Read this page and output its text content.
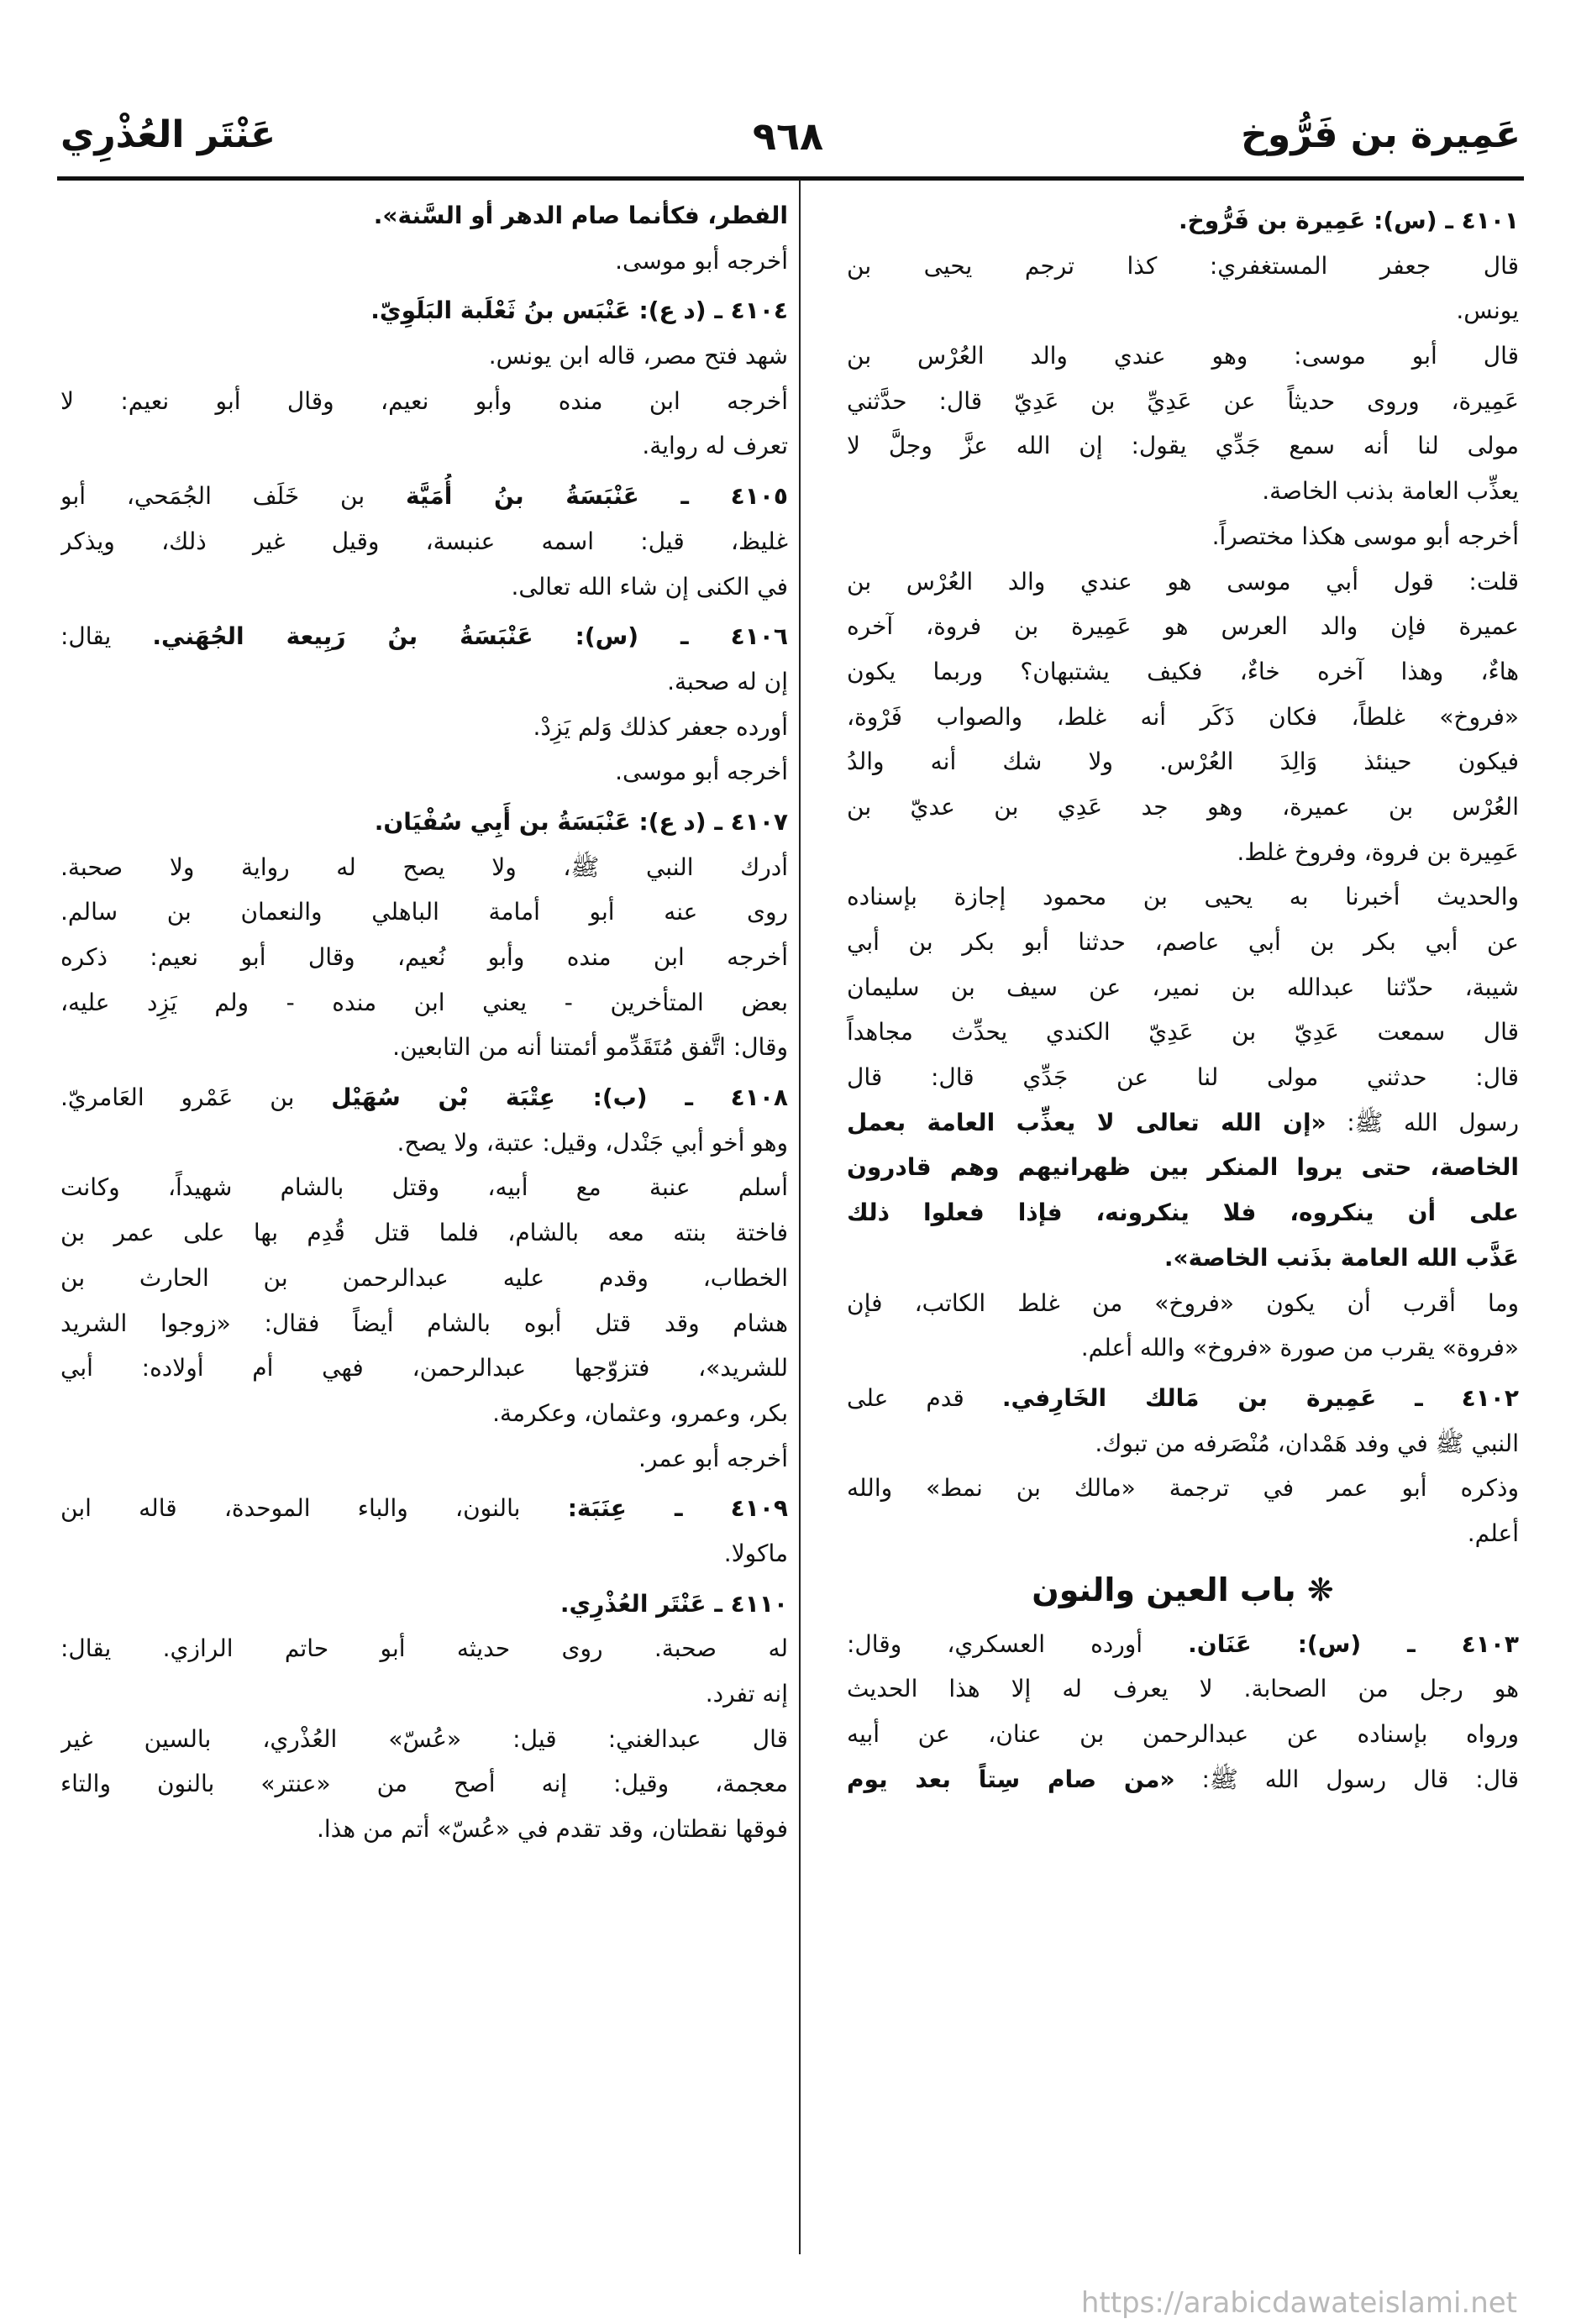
عَمِيرة بن فَرُّوخ
٩٦٨
عَنْتَر العُذْرِي
٤١٠١ ـ (س): عَمِيرة بن فَرُّوخ.
قال جعفر المستغفري: كذا ترجم يحيى بن
يونس.
قال أبو موسى: وهو عندي والد العُرْس بن
عَمِيرة، وروى حديثاً عن عَدِيِّ بن عَدِيّ قال: حدَّثني
مولى لنا أنه سمع جَدِّي يقول: إن الله عزَّ وجلَّ لا
يعذِّب العامة بذنب الخاصة.
أخرجه أبو موسى هكذا مختصراً.
قلت: قول أبي موسى هو عندي والد العُرْس بن
عميرة فإن والد العرس هو عَمِيرة بن فروة، آخره
هاءٌ، وهذا آخره خاءٌ، فكيف يشتبهان؟ وربما يكون
«فروخ» غلطاً، فكان ذَكَر أنه غلط، والصواب فَرْوة،
فيكون حينئذ وَالِدَ العُرْس. ولا شك أنه والدُ
العُرْس بن عميرة، وهو جد عَدِي بن عديّ بن
عَمِيرة بن فروة، وفروخ غلط.
والحديث أخبرنا به يحيى بن محمود إجازة بإسناده
عن أبي بكر بن أبي عاصم، حدثنا أبو بكر بن أبي
شيبة، حدّثنا عبدالله بن نمير، عن سيف بن سليمان
قال سمعت عَدِيّ بن عَدِيّ الكندي يحدِّث مجاهداً
قال: حدثني مولى لنا عن جَدِّي قال: قال
رسول الله ﷺ: «إن الله تعالى لا يعذِّب العامة بعمل
الخاصة، حتى يروا المنكر بين ظهرانيهم وهم قادرون
على أن ينكروه، فلا ينكرونه، فإذا فعلوا ذلك
عَذَّب الله العامة بذَنب الخاصة».
وما أقرب أن يكون «فروخ» من غلط الكاتب، فإن
«فروة» يقرب من صورة «فروخ» والله أعلم.
٤١٠٢ ـ عَمِيرة بن مَالك الخَارِفي. قدم على
النبي ﷺ في وفد هَمْدان، مُنْصَرفه من تبوك.
وذكره أبو عمر في ترجمة «مالك بن نمط» والله
أعلم.
❋ باب العين والنون
٤١٠٣ ـ (س): عَنَان. أورده العسكري، وقال:
هو رجل من الصحابة. لا يعرف له إلا هذا الحديث
ورواه بإسناده عن عبدالرحمن بن عنان، عن أبيه
قال: قال رسول الله ﷺ: «من صام سِتاً بعد يوم
الفطر، فكأنما صام الدهر أو السَّنة».
أخرجه أبو موسى.
٤١٠٤ ـ (د ع): عَنْبَس بنُ ثَعْلَبة البَلَوِيّ.
شهد فتح مصر، قاله ابن يونس.
أخرجه ابن منده وأبو نعيم، وقال أبو نعيم: لا
تعرف له رواية.
٤١٠٥ ـ عَنْبَسَةُ بنُ أُمَيَّة بن خَلَف الجُمَحي، أبو
غليظ، قيل: اسمه عنبسة، وقيل غير ذلك، ويذكر
في الكنى إن شاء الله تعالى.
٤١٠٦ ـ (س): عَنْبَسَةُ بنُ رَبِيعة الجُهَني. يقال:
إن له صحبة.
أورده جعفر كذلك وَلم يَزِدْ.
أخرجه أبو موسى.
٤١٠٧ ـ (د ع): عَنْبَسَةُ بن أَبِي سُفْيَان.
أدرك النبي ﷺ، ولا يصح له رواية ولا صحبة.
روى عنه أبو أمامة الباهلي والنعمان بن سالم.
أخرجه ابن منده وأبو نُعيم، وقال أبو نعيم: ذكره
بعض المتأخرين - يعني ابن منده - ولم يَزِد عليه،
وقال: اتَّفق مُتَقَدِّمو أئمتنا أنه من التابعين.
٤١٠٨ ـ (ب): عِتْبَة بْن سُهَيْل بن عَمْرو العَامريّ.
وهو أخو أبي جَنْدل، وقيل: عتبة، ولا يصح.
أسلم عنبة مع أبيه، وقتل بالشام شهيداً، وكانت
فاختة بنته معه بالشام، فلما قتل قُدِم بها على عمر بن
الخطاب، وقدم عليه عبدالرحمن بن الحارث بن
هشام وقد قتل أبوه بالشام أيضاً فقال: «زوجوا الشريد
للشريد»، فتزوّجها عبدالرحمن، فهي أم أولاده: أبي
بكر، وعمرو، وعثمان، وعكرمة.
أخرجه أبو عمر.
٤١٠٩ ـ عِنَبَة: بالنون، والباء الموحدة، قاله ابن
ماكولا.
٤١١٠ ـ عَنْتَر العُذْرِي.
له صحبة. روى حديثه أبو حاتم الرازي. يقال:
إنه تفرد.
قال عبدالغني: قيل: «عُسّ» العُذْري، بالسين غير
معجمة، وقيل: إنه أصح من «عنتر» بالنون والتاء
فوقها نقطتان، وقد تقدم في «عُسّ» أتم من هذا.
https://arabicdawateislami.net
